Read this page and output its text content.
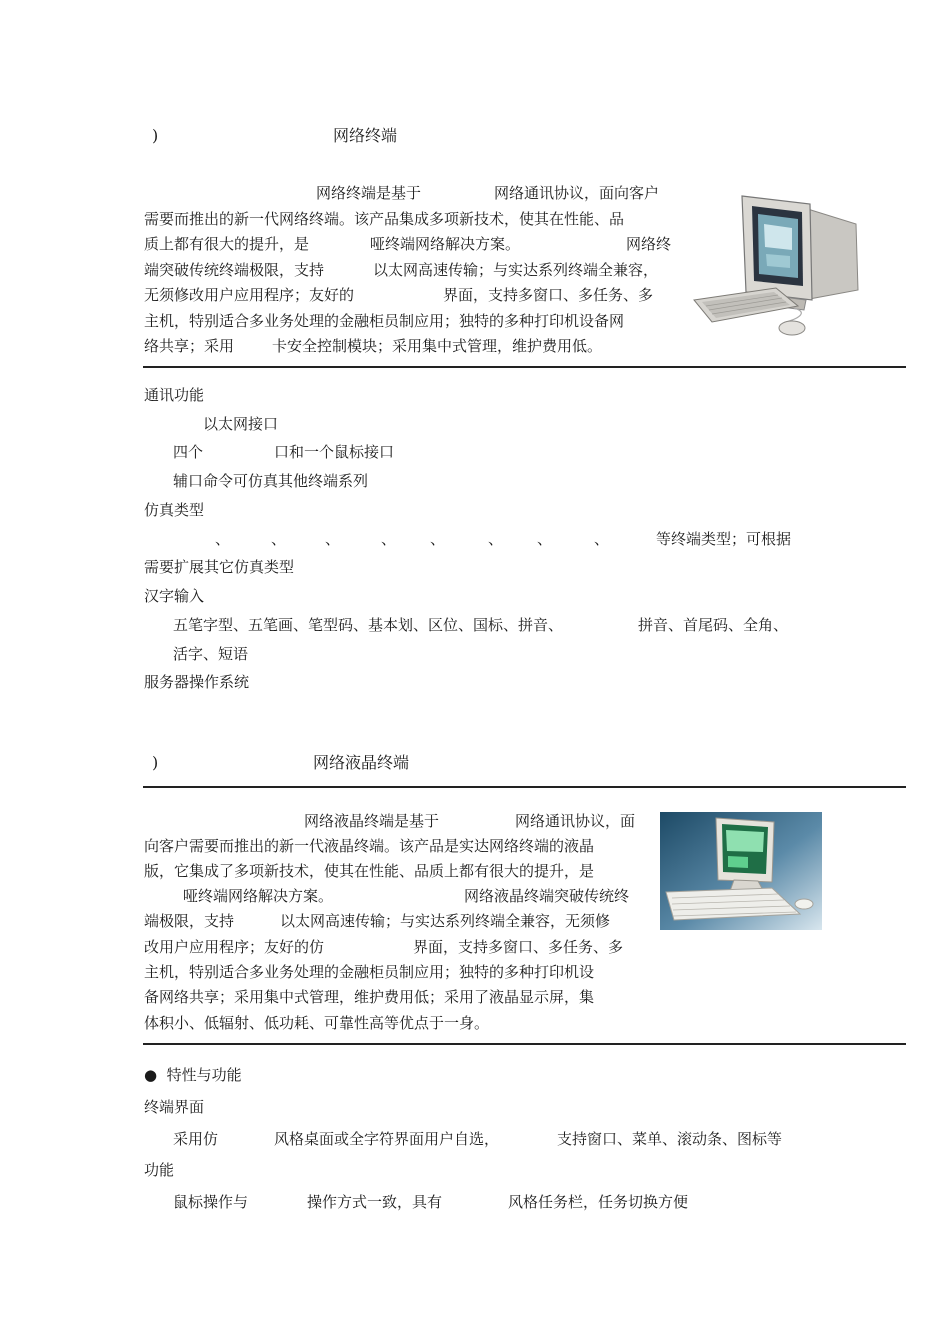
)	网络终端
网络终端是基于	网络通讯协议，面向客户
需要而推出的新一代网络终端。该产品集成多项新技术，使其在性能、品
质上都有很大的提升，是	哑终端网络解决方案。	网络终
端突破传统终端极限，支持	以太网高速传输；与实达系列终端全兼容，
无须修改用户应用程序；友好的	界面，支持多窗口、多任务、多
主机，特别适合多业务处理的金融柜员制应用；独特的多种打印机设备网
络共享；采用	卡安全控制模块；采用集中式管理，维护费用低。
通讯功能
以太网接口
四个	口和一个鼠标接口
辅口命令可仿真其他终端系列
仿真类型
、	、	、	、 、	、 、	、	等终端类型；可根据
需要扩展其它仿真类型
汉字输入
五笔字型、五笔画、笔型码、基本划、区位、国标、拼音、	拼音、首尾码、全角、
活字、短语
服务器操作系统
)	网络液晶终端
网络液晶终端是基于	网络通讯协议，面
向客户需要而推出的新一代液晶终端。该产品是实达网络终端的液晶
版，它集成了多项新技术，使其在性能、品质上都有很大的提升，是
哑终端网络解决方案。	网络液晶终端突破传统终
端极限，支持	以太网高速传输；与实达系列终端全兼容，无须修
改用户应用程序；友好的仿	界面，支持多窗口、多任务、多
主机，特别适合多业务处理的金融柜员制应用；独特的多种打印机设
备网络共享；采用集中式管理，维护费用低；采用了液晶显示屏，集
体积小、低辐射、低功耗、可靠性高等优点于一身。
● 特性与功能
终端界面
采用仿	风格桌面或全字符界面用户自选，	支持窗口、菜单、滚动条、图标等
功能
鼠标操作与	操作方式一致，具有	风格任务栏，任务切换方便
